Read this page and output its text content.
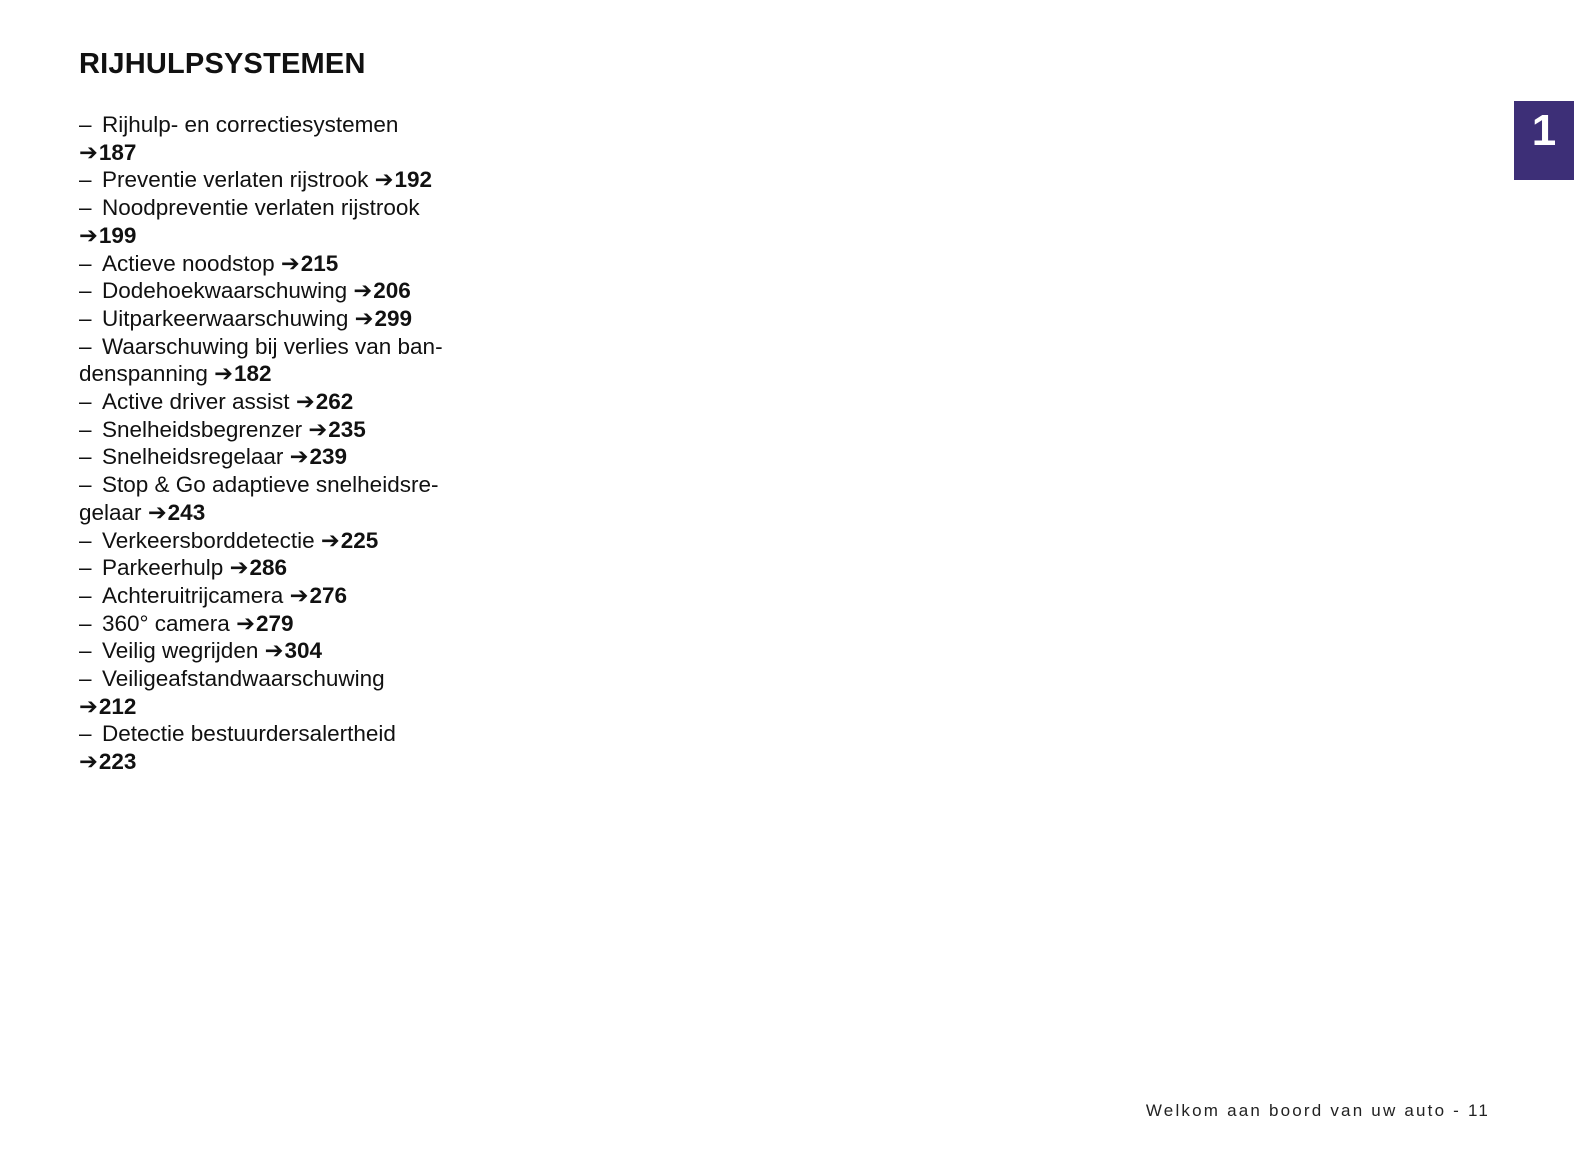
RIJHULPSYSTEMEN
– Rijhulp- en correctiesystemen
➔187
– Preventie verlaten rijstrook ➔192
– Noodpreventie verlaten rijstrook
➔199
– Actieve noodstop ➔215
– Dodehoekwaarschuwing ➔206
– Uitparkeerwaarschuwing ➔299
– Waarschuwing bij verlies van ban-
denspanning ➔182
– Active driver assist ➔262
– Snelheidsbegrenzer ➔235
– Snelheidsregelaar ➔239
– Stop & Go adaptieve snelheidsre-
gelaar ➔243
– Verkeersborddetectie ➔225
– Parkeerhulp ➔286
– Achteruitrijcamera ➔276
– 360° camera ➔279
– Veilig wegrijden ➔304
– Veiligeafstandwaarschuwing
➔212
– Detectie bestuurdersalertheid
➔223
1
Welkom aan boord van uw auto - 11
